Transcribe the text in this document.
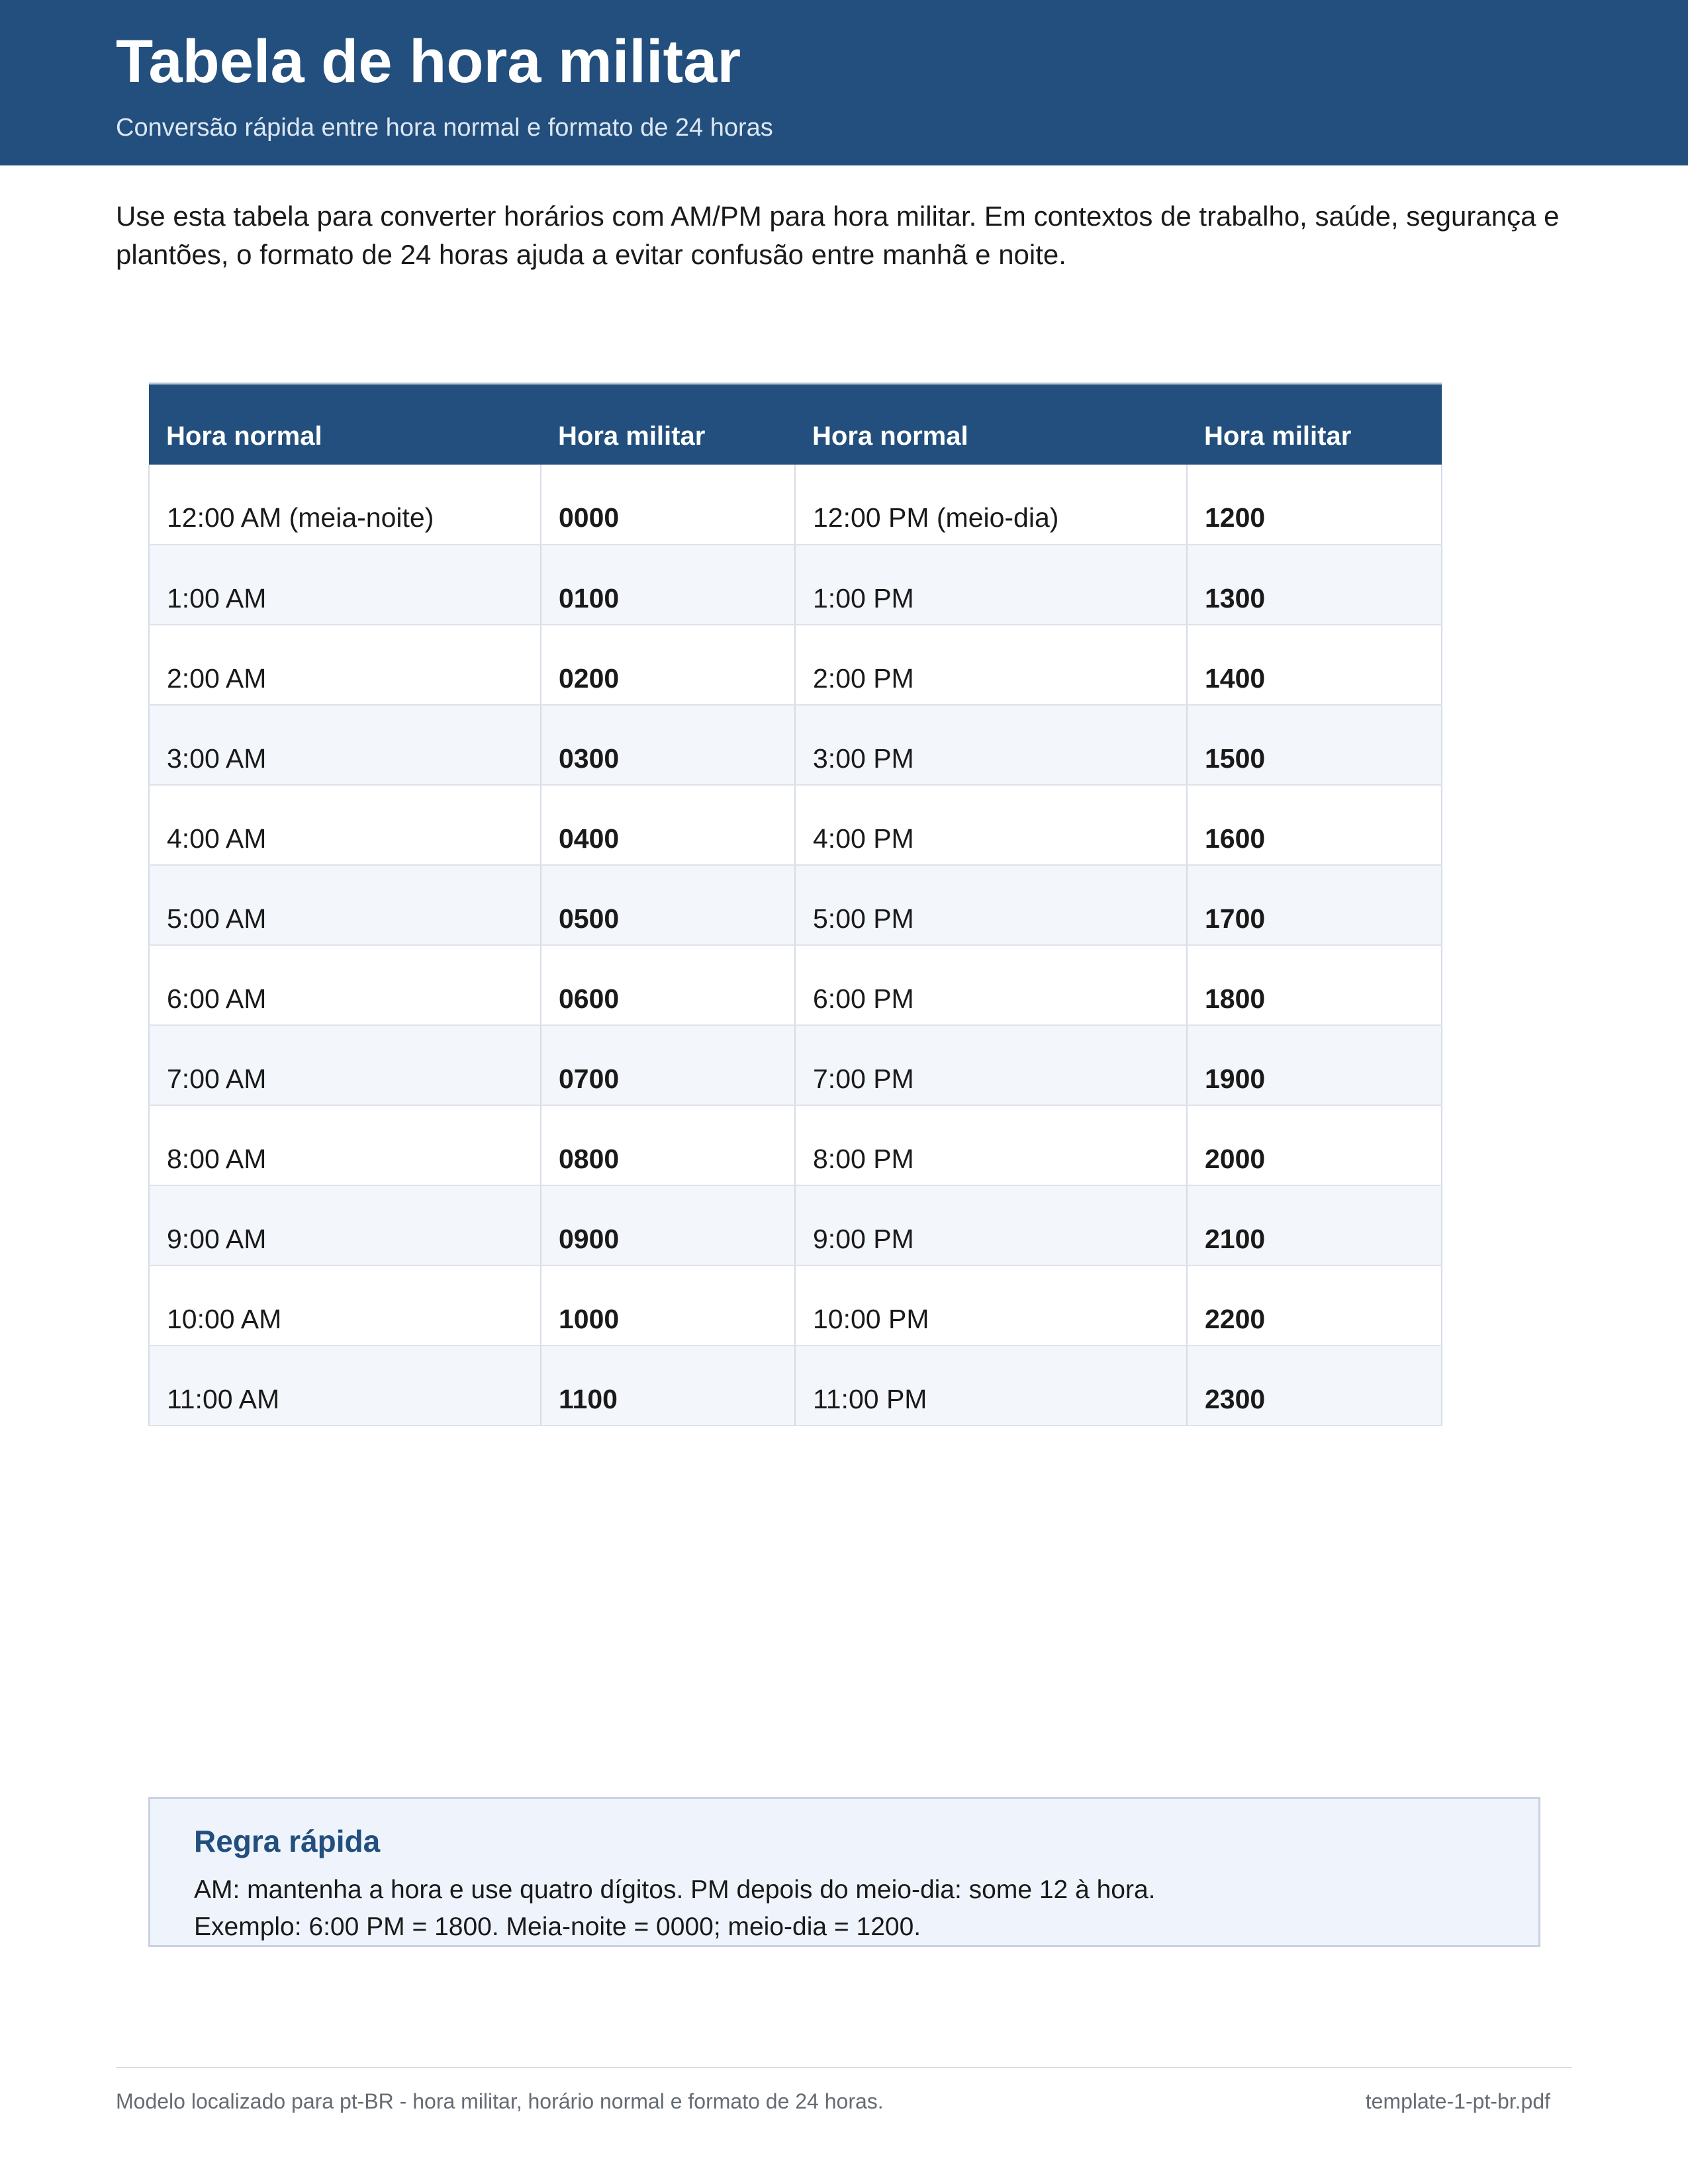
Tabela de hora militar
Conversão rápida entre hora normal e formato de 24 horas

Use esta tabela para converter horários com AM/PM para hora militar. Em contextos de trabalho, saúde, segurança e plantões, o formato de 24 horas ajuda a evitar confusão entre manhã e noite.

Hora normal	Hora militar	Hora normal	Hora militar
12:00 AM (meia-noite)	0000	12:00 PM (meio-dia)	1200
1:00 AM	0100	1:00 PM	1300
2:00 AM	0200	2:00 PM	1400
3:00 AM	0300	3:00 PM	1500
4:00 AM	0400	4:00 PM	1600
5:00 AM	0500	5:00 PM	1700
6:00 AM	0600	6:00 PM	1800
7:00 AM	0700	7:00 PM	1900
8:00 AM	0800	8:00 PM	2000
9:00 AM	0900	9:00 PM	2100
10:00 AM	1000	10:00 PM	2200
11:00 AM	1100	11:00 PM	2300
Regra rápida
AM: mantenha a hora e use quatro dígitos. PM depois do meio-dia: some 12 à hora.
Exemplo: 6:00 PM = 1800. Meia-noite = 0000; meio-dia = 1200.
Modelo localizado para pt-BR - hora militar, horário normal e formato de 24 horas.	template-1-pt-br.pdf
